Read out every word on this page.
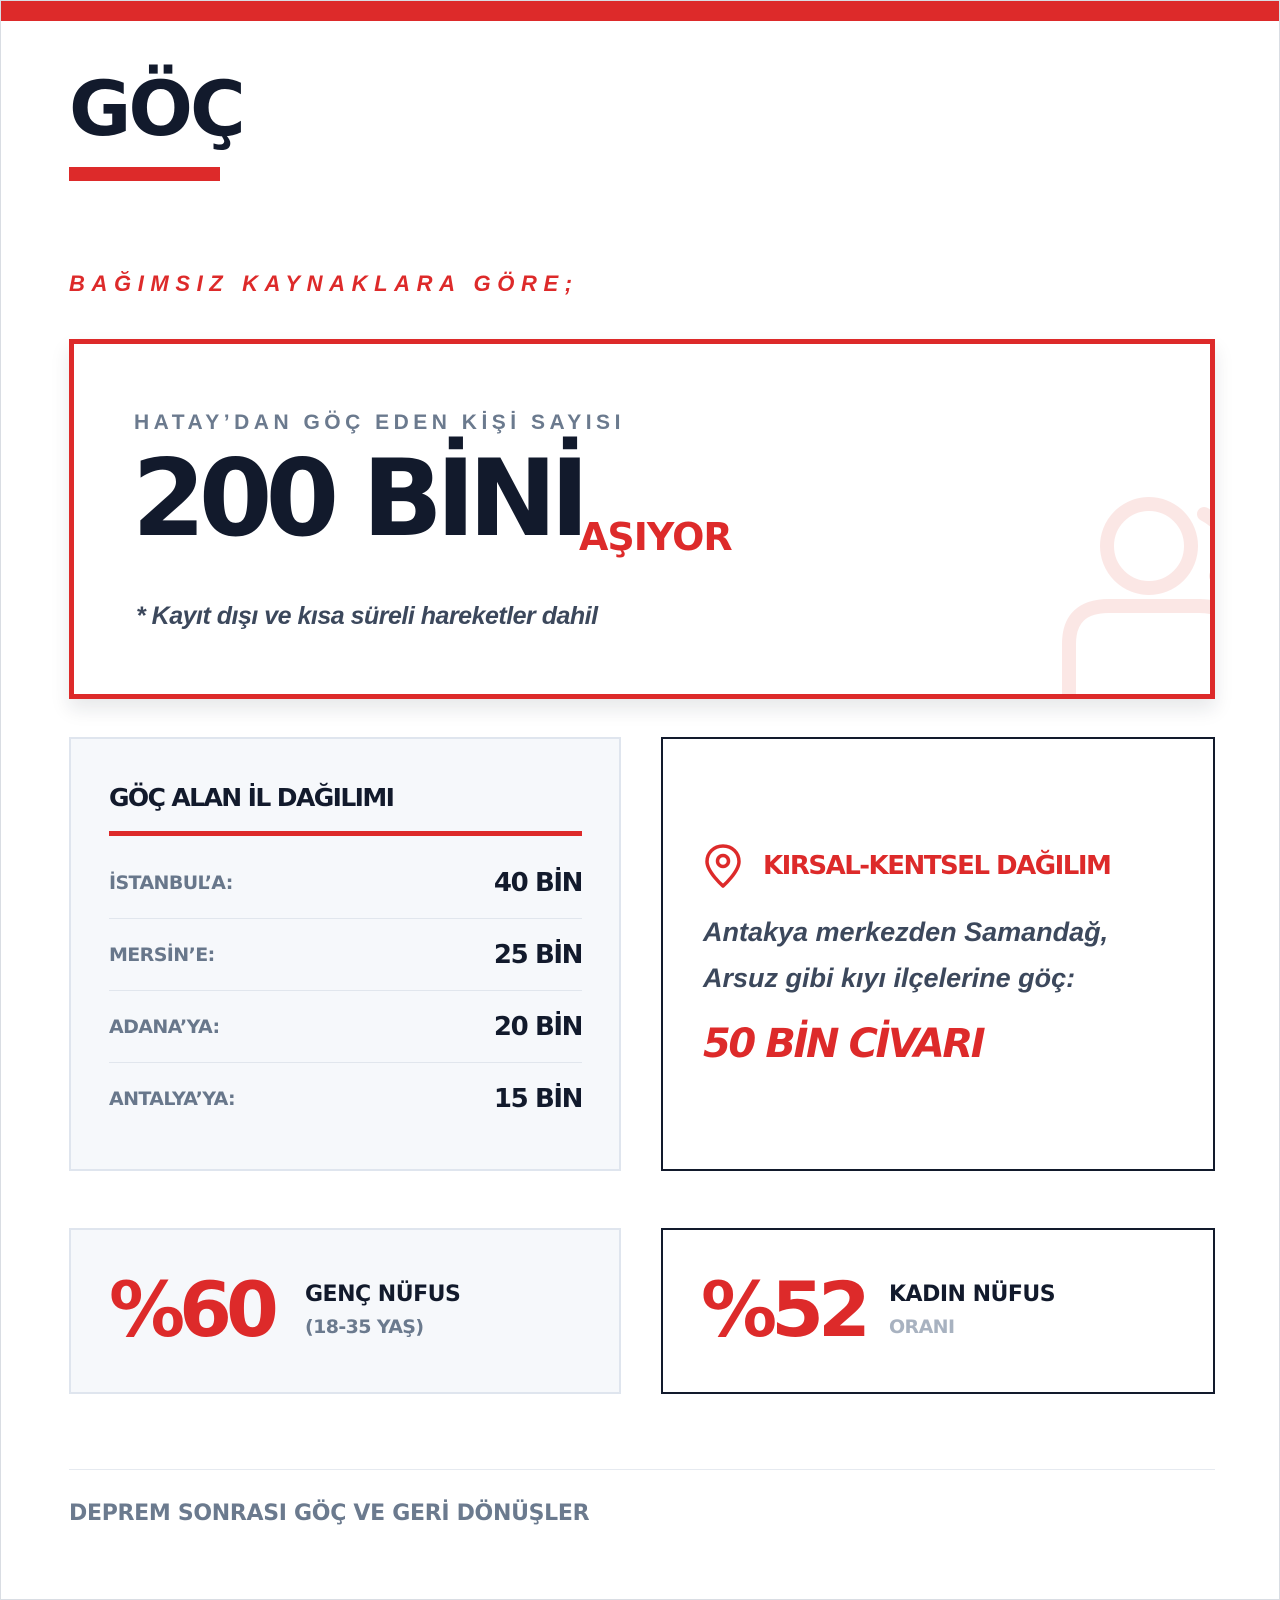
GÖÇ
BAĞIMSIZ KAYNAKLARA GÖRE;
HATAY’DAN GÖÇ EDEN KİŞİ SAYISI
200 BİNİ
AŞIYOR
* Kayıt dışı ve kısa süreli hareketler dahil
GÖÇ ALAN İL DAĞILIMI
İSTANBUL’A:	40 BİN
MERSİN’E:	25 BİN
ADANA’YA:	20 BİN
ANTALYA’YA:	15 BİN
KIRSAL-KENTSEL DAĞILIM
Antakya merkezden Samandağ,
Arsuz gibi kıyı ilçelerine göç:
50 BİN CİVARI
%60 GENÇ NÜFUS
(18-35 YAŞ)	%52 KADIN NÜFUS
ORANI
DEPREM SONRASI GÖÇ VE GERİ DÖNÜŞLER
